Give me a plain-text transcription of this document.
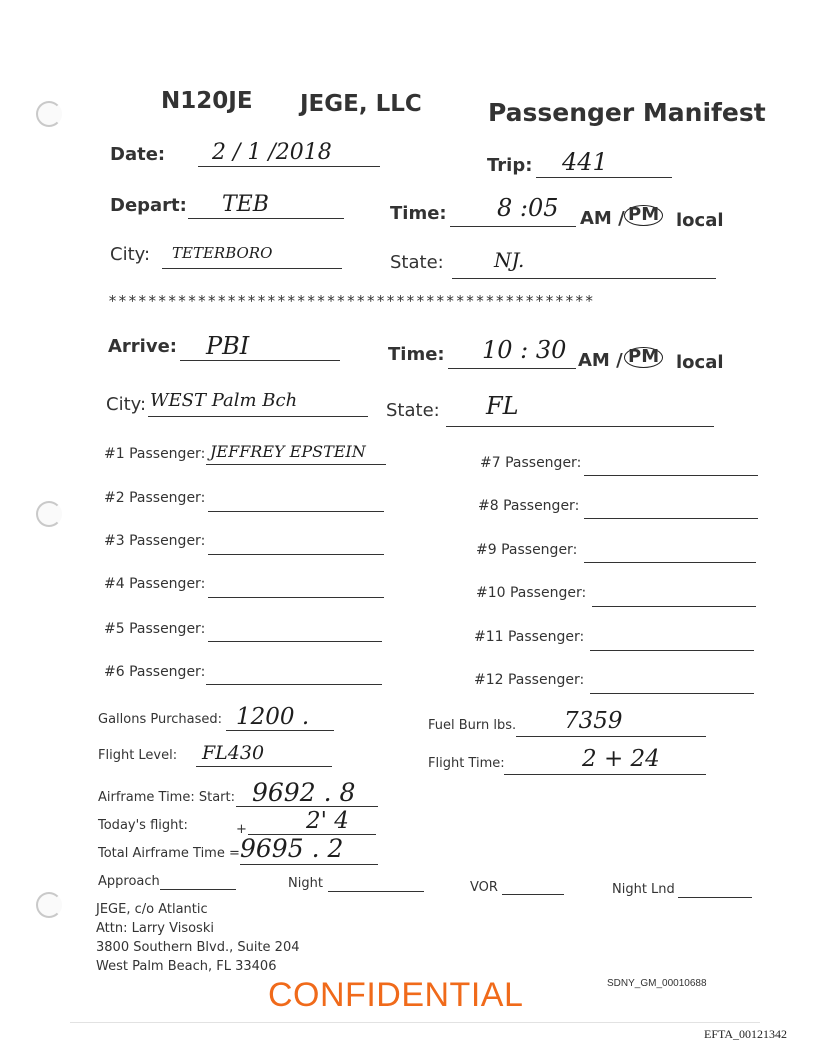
N120JE JEGE, LLC	Passenger Manifest
Date: 2 / 1 /2018
Trip: 441
Depart: TEB	Time: 8 :05 AM / PM local
City: TETERBORO	State:	NJ.
*************************************************
Arrive: PBI	Time: 10 : 30 AM / PM local
City: WEST Palm Bch	State: FL
#1 Passenger: JEFFREY EPSTEIN
#2 Passenger:
#3 Passenger:
#4 Passenger:
#5 Passenger:
#6 Passenger:
#7 Passenger:
#8 Passenger:
#9 Passenger:
#10 Passenger:
#11 Passenger:
#12 Passenger:
Gallons Purchased: 1200 .	Fuel Burn lbs. 7359
Flight Level: FL430	Flight Time:	2 + 24
Airframe Time: Start: 9692 . 8
Today's flight:	+	2' 4
Total Airframe Time = 9695 . 2
Approach	Night	VOR	Night Lnd
JEGE, c/o Atlantic
Attn: Larry Visoski
3800 Southern Blvd., Suite 204
West Palm Beach, FL 33406
CONFIDENTIAL	SDNY_GM_00010688
EFTA_00121342
